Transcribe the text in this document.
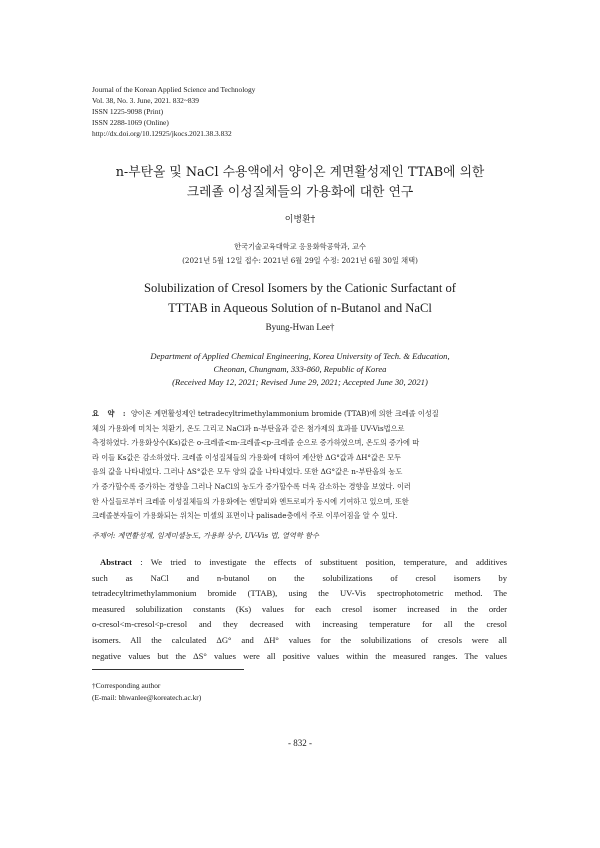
Journal of the Korean Applied Science and Technology
Vol. 38, No. 3. June, 2021. 832~839
ISSN 1225-9098 (Print)
ISSN 2288-1069 (Online)
http://dx.doi.org/10.12925/jkocs.2021.38.3.832
n-부탄올 및 NaCl 수용액에서 양이온 계면활성제인 TTAB에 의한
크레졸 이성질체들의 가용화에 대한 연구
이병환†
한국기술교육대학교 응용화학공학과, 교수
(2021년 5월 12일 접수: 2021년 6월 29일 수정: 2021년 6월 30일 채택)
Solubilization of Cresol Isomers by the Cationic Surfactant of
TTTAB in Aqueous Solution of n-Butanol and NaCl
Byung-Hwan Lee†
Department of Applied Chemical Engineering, Korea University of Tech. & Education,
Cheonan, Chungnam, 333-860, Republic of Korea
(Received May 12, 2021; Revised June 29, 2021; Accepted June 30, 2021)
요 약 : 양이온 계면활성제인 tetradecyltrimethylammonium bromide (TTAB)에 의한 크레졸 이성질
체의 가용화에 미치는 치환기, 온도 그리고 NaCl과 n-부탄올과 같은 첨가제의 효과를 UV-Vis법으로
측정하였다. 가용화상수(Ks)값은 o-크레졸<m-크레졸<p-크레졸 순으로 증가하였으며, 온도의 증가에 따
라 이들 Ks값은 감소하였다. 크레졸 이성질체들의 가용화에 대하여 계산한 ΔG°값과 ΔH°값은 모두
음의 값을 나타내었다. 그러나 ΔS°값은 모두 양의 값을 나타내었다. 또한 ΔG°값은 n-부탄올의 농도
가 증가할수록 증가하는 경향을 그러나 NaCl의 농도가 증가할수록 더욱 감소하는 경향을 보였다. 이러
한 사실들로부터 크레졸 이성질체들의 가용화에는 엔탈피와 엔트로피가 동시에 기여하고 있으며, 또한
크레졸분자들이 가용화되는 위치는 미셀의 표면이나 palisade층에서 주로 이루어짐을 알 수 있다.
주제어: 계면활성제, 임계미셀농도, 가용화 상수, UV-Vis 법, 열역학 함수
Abstract : We tried to investigate the effects of substituent position, temperature, and additives
such as NaCl and n-butanol on the solubilizations of cresol isomers by
tetradecyltrimethylammonium bromide (TTAB), using the UV-Vis spectrophotometric method. The
measured solubilization constants (Ks) values for each cresol isomer increased in the order
o-cresol<m-cresol<p-cresol and they decreased with increasing temperature for all the cresol
isomers. All the calculated ΔG° and ΔH° values for the solubilizations of cresols were all
negative values but the ΔS° values were all positive values within the measured ranges. The values
†Corresponding author
(E-mail: bhwanlee@koreatech.ac.kr)
- 832 -
